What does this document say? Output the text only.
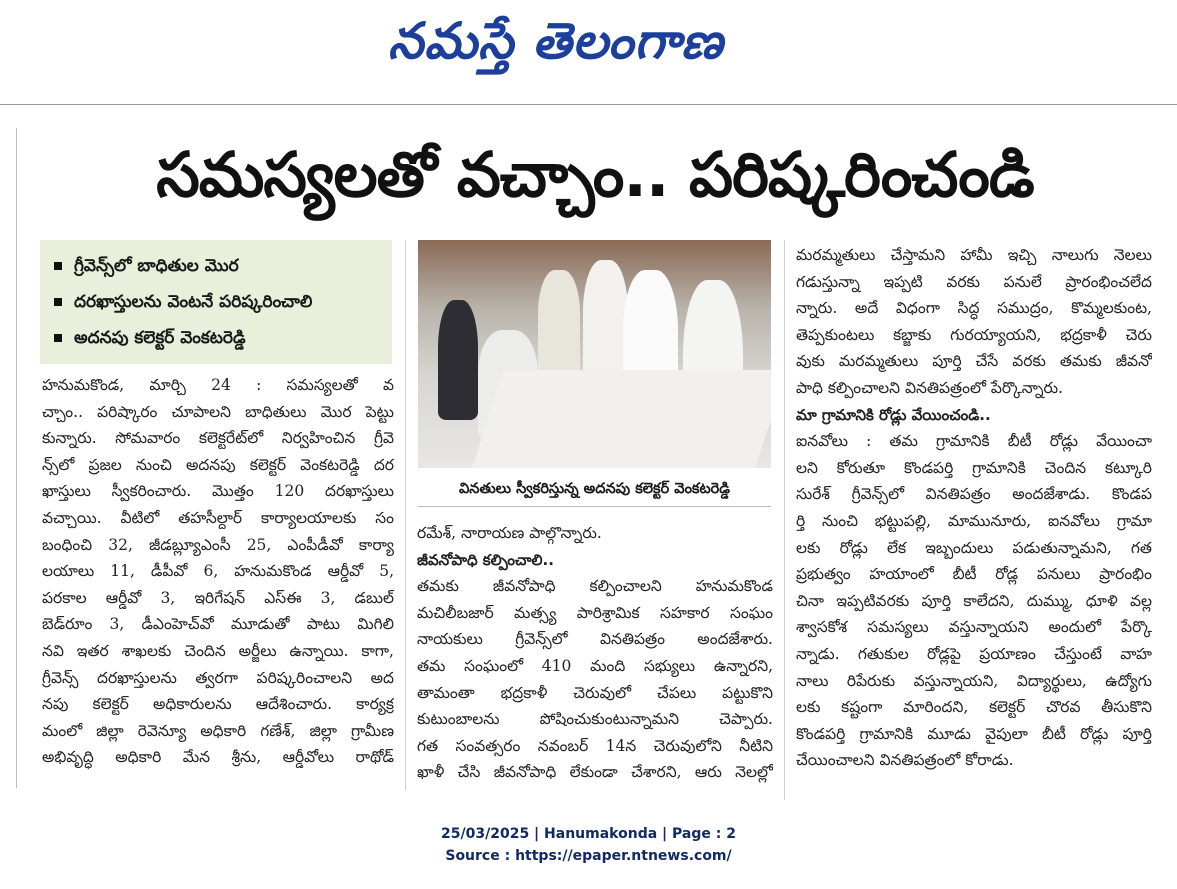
నమస్తే తెలంగాణ
సమస్యలతో వచ్చాం.. పరిష్కరించండి
గ్రీవెన్స్‌లో బాధితుల మొర
దరఖాస్తులను వెంటనే పరిష్కరించాలి
అదనపు కలెక్టర్ వెంకటరెడ్డి
హనుమకొండ, మార్చి 24 : సమస్యలతో వ
చ్చాం.. పరిష్కారం చూపాలని బాధితులు మొర పెట్టు
కున్నారు. సోమవారం కలెక్టరేట్‌లో నిర్వహించిన గ్రీవె
న్స్‌లో ప్రజల నుంచి అదనపు కలెక్టర్ వెంకటరెడ్డి దర
ఖాస్తులు స్వీకరించారు. మొత్తం 120 దరఖాస్తులు
వచ్చాయి. వీటిలో తహసీల్దార్ కార్యాలయాలకు సం
బంధించి 32, జీడబ్ల్యూఎంసీ 25, ఎంపీడీవో కార్యా
లయాలు 11, డీపీవో 6, హనుమకొండ ఆర్డీవో 5,
పరకాల ఆర్డీవో 3, ఇరిగేషన్ ఎస్ఈ 3, డబుల్
బెడ్‌రూం 3, డీఎంహెచ్‌వో మూడుతో పాటు మిగిలి
నవి ఇతర శాఖలకు చెందిన అర్జీలు ఉన్నాయి. కాగా,
గ్రీవెన్స్ దరఖాస్తులను త్వరగా పరిష్కరించాలని అద
నపు కలెక్టర్ అధికారులను ఆదేశించారు. కార్యక్ర
మంలో జిల్లా రెవెన్యూ అధికారి గణేశ్, జిల్లా గ్రామీణ
అభివృద్ధి అధికారి మేన శ్రీను, ఆర్డీవోలు రాథోడ్
వినతులు స్వీకరిస్తున్న అదనపు కలెక్టర్ వెంకటరెడ్డి
రమేశ్, నారాయణ పాల్గొన్నారు.
జీవనోపాధి కల్పించాలి..
తమకు జీవనోపాధి కల్పించాలని హనుమకొండ
మచిలీబజార్ మత్స్య పారిశ్రామిక సహకార సంఘం
నాయకులు గ్రీవెన్స్‌లో వినతిపత్రం అందజేశారు.
తమ సంఘంలో 410 మంది సభ్యులు ఉన్నారని,
తామంతా భద్రకాళీ చెరువులో చేపలు పట్టుకొని
కుటుంబాలను పోషించుకుంటున్నామని చెప్పారు.
గత సంవత్సరం నవంబర్ 14న చెరువులోని నీటిని
ఖాళీ చేసి జీవనోపాధి లేకుండా చేశారని, ఆరు నెలల్లో
మరమ్మతులు చేస్తామని హామీ ఇచ్చి నాలుగు నెలలు
గడుస్తున్నా ఇప్పటి వరకు పనులే ప్రారంభించలేద
న్నారు. అదే విధంగా సిద్ధ సముద్రం, కొమ్మలకుంట,
తెప్పకుంటలు కబ్జాకు గురయ్యాయని, భద్రకాళీ చెరు
వుకు మరమ్మతులు పూర్తి చేసే వరకు తమకు జీవనో
పాధి కల్పించాలని వినతిపత్రంలో పేర్కొన్నారు.
మా గ్రామానికి రోడ్లు వేయించండి..
ఐనవోలు : తమ గ్రామానికి బీటీ రోడ్లు వేయించా
లని కోరుతూ కొండపర్తి గ్రామానికి చెందిన కట్కూరి
సురేశ్ గ్రీవెన్స్‌లో వినతిపత్రం అందజేశాడు. కొండప
ర్తి నుంచి భట్టుపల్లి, మామునూరు, ఐనవోలు గ్రామా
లకు రోడ్లు లేక ఇబ్బందులు పడుతున్నామని, గత
ప్రభుత్వం హయాంలో బీటీ రోడ్ల పనులు ప్రారంభిం
చినా ఇప్పటివరకు పూర్తి కాలేదని, దుమ్ము, ధూళి వల్ల
శ్వాసకోశ సమస్యలు వస్తున్నాయని అందులో పేర్కొ
న్నాడు. గతుకుల రోడ్లపై ప్రయాణం చేస్తుంటే వాహ
నాలు రిపేరుకు వస్తున్నాయని, విద్యార్థులు, ఉద్యోగు
లకు కష్టంగా మారిందని, కలెక్టర్ చొరవ తీసుకొని
కొండపర్తి గ్రామానికి మూడు వైపులా బీటీ రోడ్లు పూర్తి
చేయించాలని వినతిపత్రంలో కోరాడు.
25/03/2025 | Hanumakonda | Page : 2
Source : https://epaper.ntnews.com/
